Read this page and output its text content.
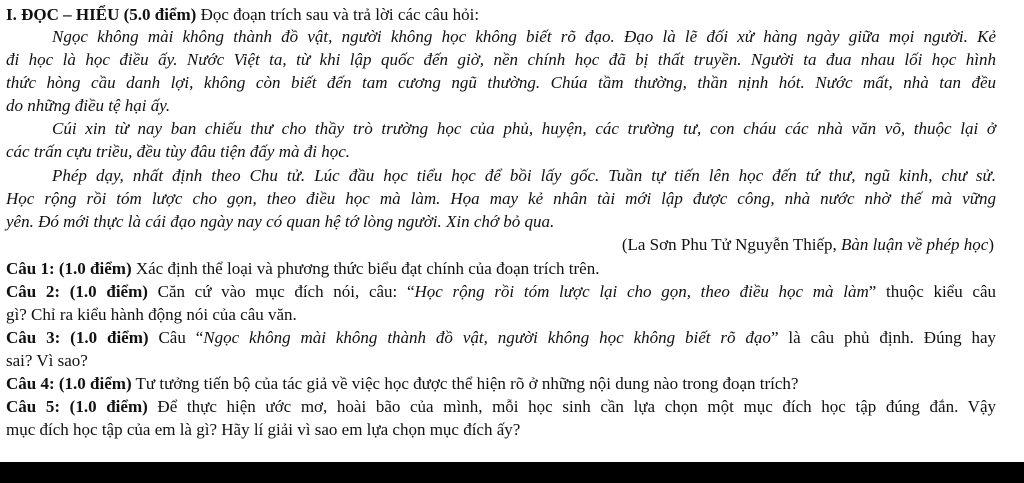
I. ĐỌC – HIỂU (5.0 điểm) Đọc đoạn trích sau và trả lời các câu hỏi:
Ngọc không mài không thành đồ vật, người không học không biết rõ đạo. Đạo là lẽ đối xử hàng ngày giữa mọi người. Kẻ
đi học là học điều ấy. Nước Việt ta, từ khi lập quốc đến giờ, nền chính học đã bị thất truyền. Người ta đua nhau lối học hình
thức hòng cầu danh lợi, không còn biết đến tam cương ngũ thường. Chúa tầm thường, thần nịnh hót. Nước mất, nhà tan đều
do những điều tệ hại ấy.
Cúi xin từ nay ban chiếu thư cho thầy trò trường học của phủ, huyện, các trường tư, con cháu các nhà văn võ, thuộc lại ở
các trấn cựu triều, đều tùy đâu tiện đấy mà đi học.
Phép dạy, nhất định theo Chu tử. Lúc đầu học tiểu học để bồi lấy gốc. Tuần tự tiến lên học đến tứ thư, ngũ kinh, chư sử.
Học rộng rồi tóm lược cho gọn, theo điều học mà làm. Họa may kẻ nhân tài mới lập được công, nhà nước nhờ thế mà vững
yên. Đó mới thực là cái đạo ngày nay có quan hệ tớ lòng người. Xin chớ bỏ qua.
(La Sơn Phu Tử Nguyễn Thiếp, Bàn luận về phép học)
Câu 1: (1.0 điểm) Xác định thể loại và phương thức biểu đạt chính của đoạn trích trên.
Câu 2: (1.0 điểm) Căn cứ vào mục đích nói, câu: “Học rộng rồi tóm lược lại cho gọn, theo điều học mà làm” thuộc kiểu câu
gì? Chỉ ra kiểu hành động nói của câu văn.
Câu 3: (1.0 điểm) Câu “Ngọc không mài không thành đồ vật, người không học không biết rõ đạo” là câu phủ định. Đúng hay
sai? Vì sao?
Câu 4: (1.0 điểm) Tư tưởng tiến bộ của tác giả về việc học được thể hiện rõ ở những nội dung nào trong đoạn trích?
Câu 5: (1.0 điểm) Để thực hiện ước mơ, hoài bão của mình, mỗi học sinh cần lựa chọn một mục đích học tập đúng đắn. Vậy
mục đích học tập của em là gì? Hãy lí giải vì sao em lựa chọn mục đích ấy?
